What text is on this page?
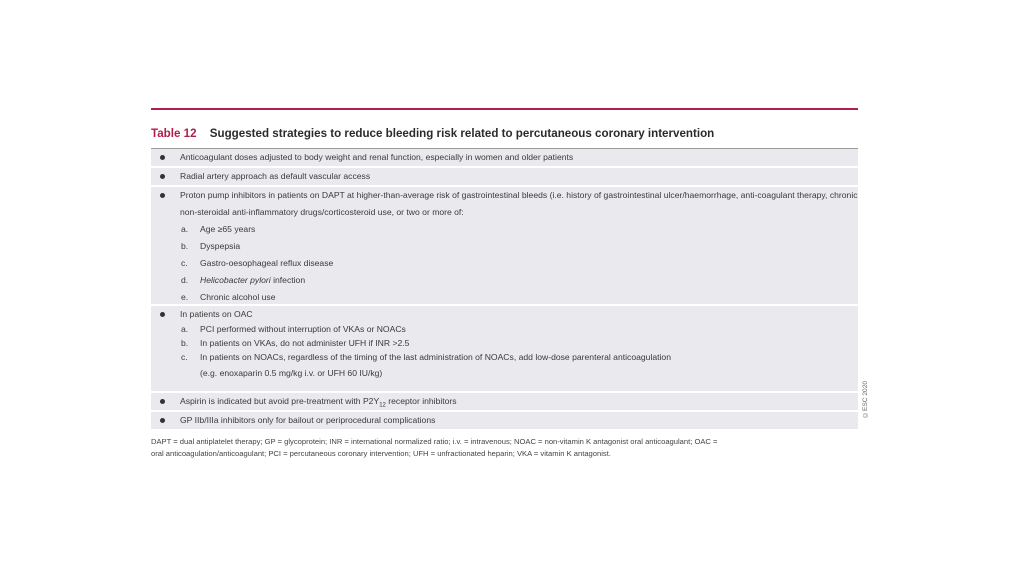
Table 12 Suggested strategies to reduce bleeding risk related to percutaneous coronary intervention
Anticoagulant doses adjusted to body weight and renal function, especially in women and older patients
Radial artery approach as default vascular access
Proton pump inhibitors in patients on DAPT at higher-than-average risk of gastrointestinal bleeds (i.e. history of gastrointestinal ulcer/haemorrhage, anti-coagulant therapy, chronic non-steroidal anti-inflammatory drugs/corticosteroid use, or two or more of:
a. Age ≥65 years
b. Dyspepsia
c. Gastro-oesophageal reflux disease
d. Helicobacter pylori infection
e. Chronic alcohol use
In patients on OAC
a. PCI performed without interruption of VKAs or NOACs
b. In patients on VKAs, do not administer UFH if INR >2.5
c. In patients on NOACs, regardless of the timing of the last administration of NOACs, add low-dose parenteral anticoagulation
(e.g. enoxaparin 0.5 mg/kg i.v. or UFH 60 IU/kg)
Aspirin is indicated but avoid pre-treatment with $P2Y_{12}$ receptor inhibitors
GP IIb/IIIa inhibitors only for bailout or periprocedural complications
DAPT = dual antiplatelet therapy; GP = glycoprotein; INR = international normalized ratio; i.v. = intravenous; NOAC = non-vitamin K antagonist oral anticoagulant; OAC =
oral anticoagulation/anticoagulant; PCI = percutaneous coronary intervention; UFH = unfractionated heparin; VKA = vitamin K antagonist.
©ESC 2020
